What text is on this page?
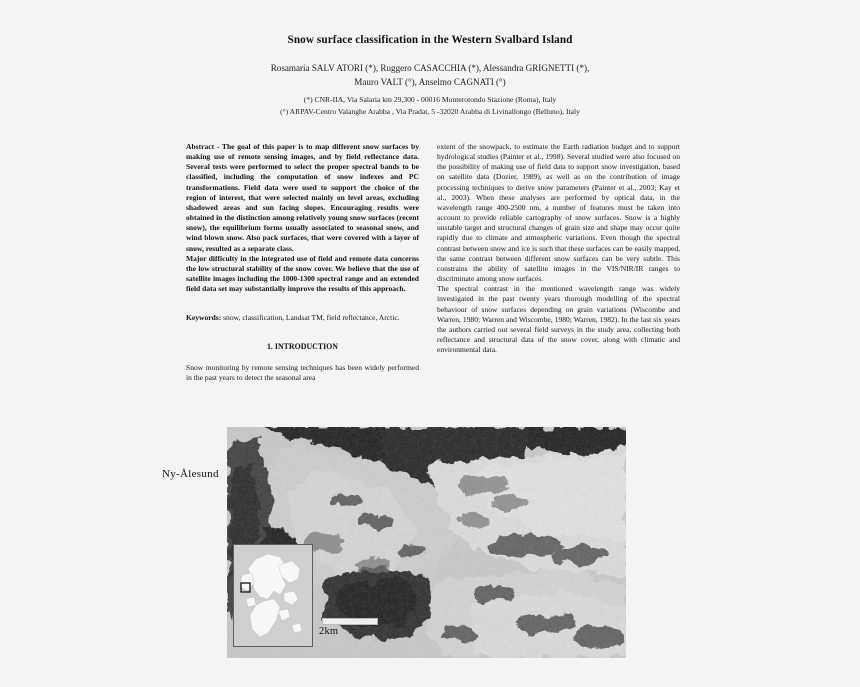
Snow surface classification in the Western Svalbard Island
Rosamaria SALV ATORI (*), Ruggero CASACCHIA (*), Alessandra GRIGNETTI (*),
Mauro VALT (°), Anselmo CAGNATI (°)
(*) CNR-IIA, Via Salaria km 29,300 - 00016 Monterotondo Stazione (Roma), Italy
(°) ARPAV-Centro Valanghe Arabba , Via Pradat, 5 -32020 Arabba di Livinallongo (Belluno), Italy

Abstract - The goal of this paper is to map different snow surfaces by making use of remote sensing images, and by field reflectance data. Several tests were performed to select the proper spectral bands to be classified, including the computation of snow indexes and PC transformations. Field data were used to support the choice of the region of interest, that were selected mainly on level areas, excluding shadowed areas and sun facing slopes. Encouraging results were obtained in the distinction among relatively young snow surfaces (recent snow), the equilibrium forms usually associated to seasonal snow, and wind blown snow. Also pack surfaces, that were covered with a layer of snow, resulted as a separate class.

Major difficulty in the integrated use of field and remote data concerns the low structural stability of the snow cover. We believe that the use of satellite images including the 1000-1300 spectral range and an extended field data set may substantially improve the results of this approach.

Keywords: snow, classification, Landsat TM, field reflectance, Arctic.

1. INTRODUCTION

Snow monitoring by remote sensing techniques has been widely performed in the past years to detect the seasonal area

extent of the snowpack, to estimate the Earth radiation budget and to support hydrological studies (Painter et al., 1998). Several studied were also focused on the possibility of making use of field data to support snow investigation, based on satellite data (Dozier, 1989), as well as on the contribution of image processing techniques to derive snow parameters (Painter et al., 2003; Kay et al., 2003). When these analyses are performed by optical data, in the wavelength range 400-2500 nm, a number of features must be taken into account to provide reliable cartography of snow surfaces. Snow is a highly unstable target and structural changes of grain size and shape may occur quite rapidly due to climate and atmospheric variations. Even though the spectral contrast between snow and ice is such that these surfaces can be easily mapped, the same contrast between different snow surfaces can be very subtle. This constrains the ability of satellite images in the VIS/NIR/IR ranges to discriminate among snow surfaces.

The spectral contrast in the mentioned wavelength range was widely investigated in the past twenty years thorough modelling of the spectral behaviour of snow surfaces depending on grain variations (Wiscombe and Warren, 1980; Warren and Wiscombe, 1980; Warren, 1982). In the last six years the authors carried out several field surveys in the study area, collecting both reflectance and structural data of the snow cover, along with climatic and environmental data.

2km
Ny-Ålesund
